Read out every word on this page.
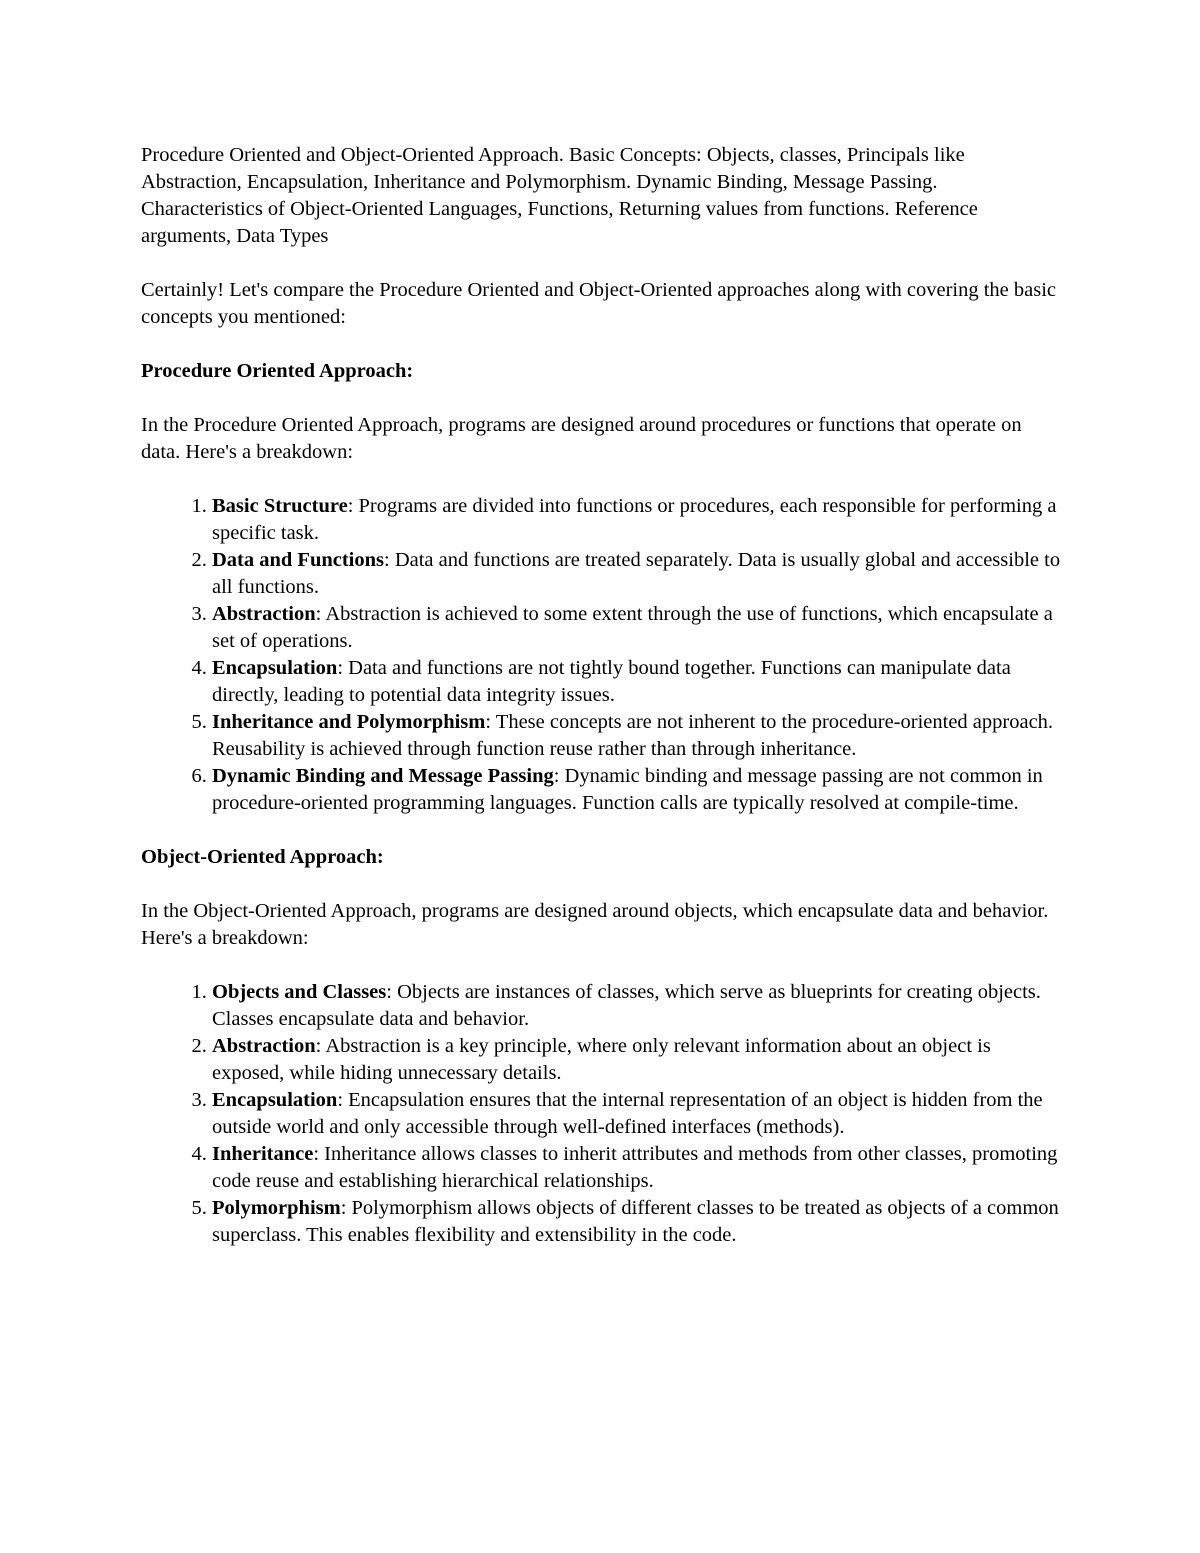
Procedure Oriented and Object-Oriented Approach. Basic Concepts: Objects, classes, Principals like Abstraction, Encapsulation, Inheritance and Polymorphism. Dynamic Binding, Message Passing. Characteristics of Object-Oriented Languages, Functions, Returning values from functions. Reference arguments, Data Types

Certainly! Let's compare the Procedure Oriented and Object-Oriented approaches along with covering the basic concepts you mentioned:

Procedure Oriented Approach:

In the Procedure Oriented Approach, programs are designed around procedures or functions that operate on data. Here's a breakdown:

1. Basic Structure: Programs are divided into functions or procedures, each responsible for performing a specific task.
2. Data and Functions: Data and functions are treated separately. Data is usually global and accessible to all functions.
3. Abstraction: Abstraction is achieved to some extent through the use of functions, which encapsulate a set of operations.
4. Encapsulation: Data and functions are not tightly bound together. Functions can manipulate data directly, leading to potential data integrity issues.
5. Inheritance and Polymorphism: These concepts are not inherent to the procedure-oriented approach. Reusability is achieved through function reuse rather than through inheritance.
6. Dynamic Binding and Message Passing: Dynamic binding and message passing are not common in procedure-oriented programming languages. Function calls are typically resolved at compile-time.

Object-Oriented Approach:

In the Object-Oriented Approach, programs are designed around objects, which encapsulate data and behavior. Here's a breakdown:

1. Objects and Classes: Objects are instances of classes, which serve as blueprints for creating objects. Classes encapsulate data and behavior.
2. Abstraction: Abstraction is a key principle, where only relevant information about an object is exposed, while hiding unnecessary details.
3. Encapsulation: Encapsulation ensures that the internal representation of an object is hidden from the outside world and only accessible through well-defined interfaces (methods).
4. Inheritance: Inheritance allows classes to inherit attributes and methods from other classes, promoting code reuse and establishing hierarchical relationships.
5. Polymorphism: Polymorphism allows objects of different classes to be treated as objects of a common superclass. This enables flexibility and extensibility in the code.
